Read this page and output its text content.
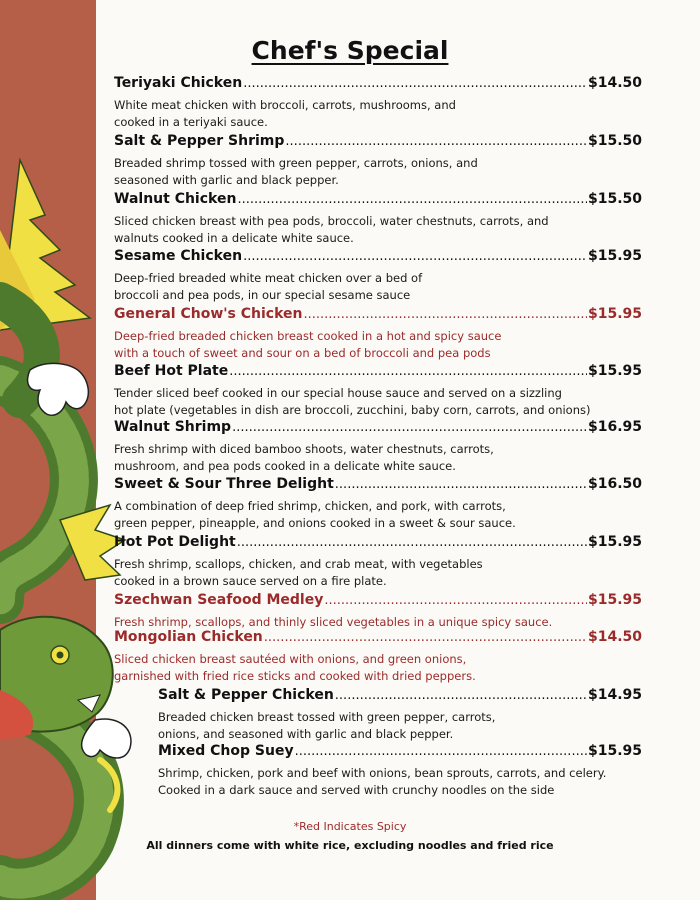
Chef's Special
Teriyaki Chicken .....	$14.50
White meat chicken with broccoli, carrots, mushrooms, and
cooked in a teriyaki sauce.
Salt & Pepper Shrimp .....	$15.50
Breaded shrimp tossed with green pepper, carrots, onions, and
seasoned with garlic and black pepper.
Walnut Chicken .....	$15.50
Sliced chicken breast with pea pods, broccoli, water chestnuts, carrots, and
walnuts cooked in a delicate white sauce.
Sesame Chicken .....	$15.95
Deep-fried breaded white meat chicken over a bed of
broccoli and pea pods, in our special sesame sauce
General Chow's Chicken .....	$15.95
Deep-fried breaded chicken breast cooked in a hot and spicy sauce
with a touch of sweet and sour on a bed of broccoli and pea pods
Beef Hot Plate .....	$15.95
Tender sliced beef cooked in our special house sauce and served on a sizzling
hot plate (vegetables in dish are broccoli, zucchini, baby corn, carrots, and onions)
Walnut Shrimp .....	$16.95
Fresh shrimp with diced bamboo shoots, water chestnuts, carrots,
mushroom, and pea pods cooked in a delicate white sauce.
Sweet & Sour Three Delight .....	$16.50
A combination of deep fried shrimp, chicken, and pork, with carrots,
green pepper, pineapple, and onions cooked in a sweet & sour sauce.
Hot Pot Delight .....	$15.95
Fresh shrimp, scallops, chicken, and crab meat, with vegetables
cooked in a brown sauce served on a fire plate.
Szechwan Seafood Medley .....	$15.95
Fresh shrimp, scallops, and thinly sliced vegetables in a unique spicy sauce.
Mongolian Chicken .....	$14.50
Sliced chicken breast sautéed with onions, and green onions,
garnished with fried rice sticks and cooked with dried peppers.
Salt & Pepper Chicken .....	$14.95
Breaded chicken breast tossed with green pepper, carrots,
onions, and seasoned with garlic and black pepper.
Mixed Chop Suey .....	$15.95
Shrimp, chicken, pork and beef with onions, bean sprouts, carrots, and celery.
Cooked in a dark sauce and served with crunchy noodles on the side
*Red Indicates Spicy
All dinners come with white rice, excluding noodles and fried rice
